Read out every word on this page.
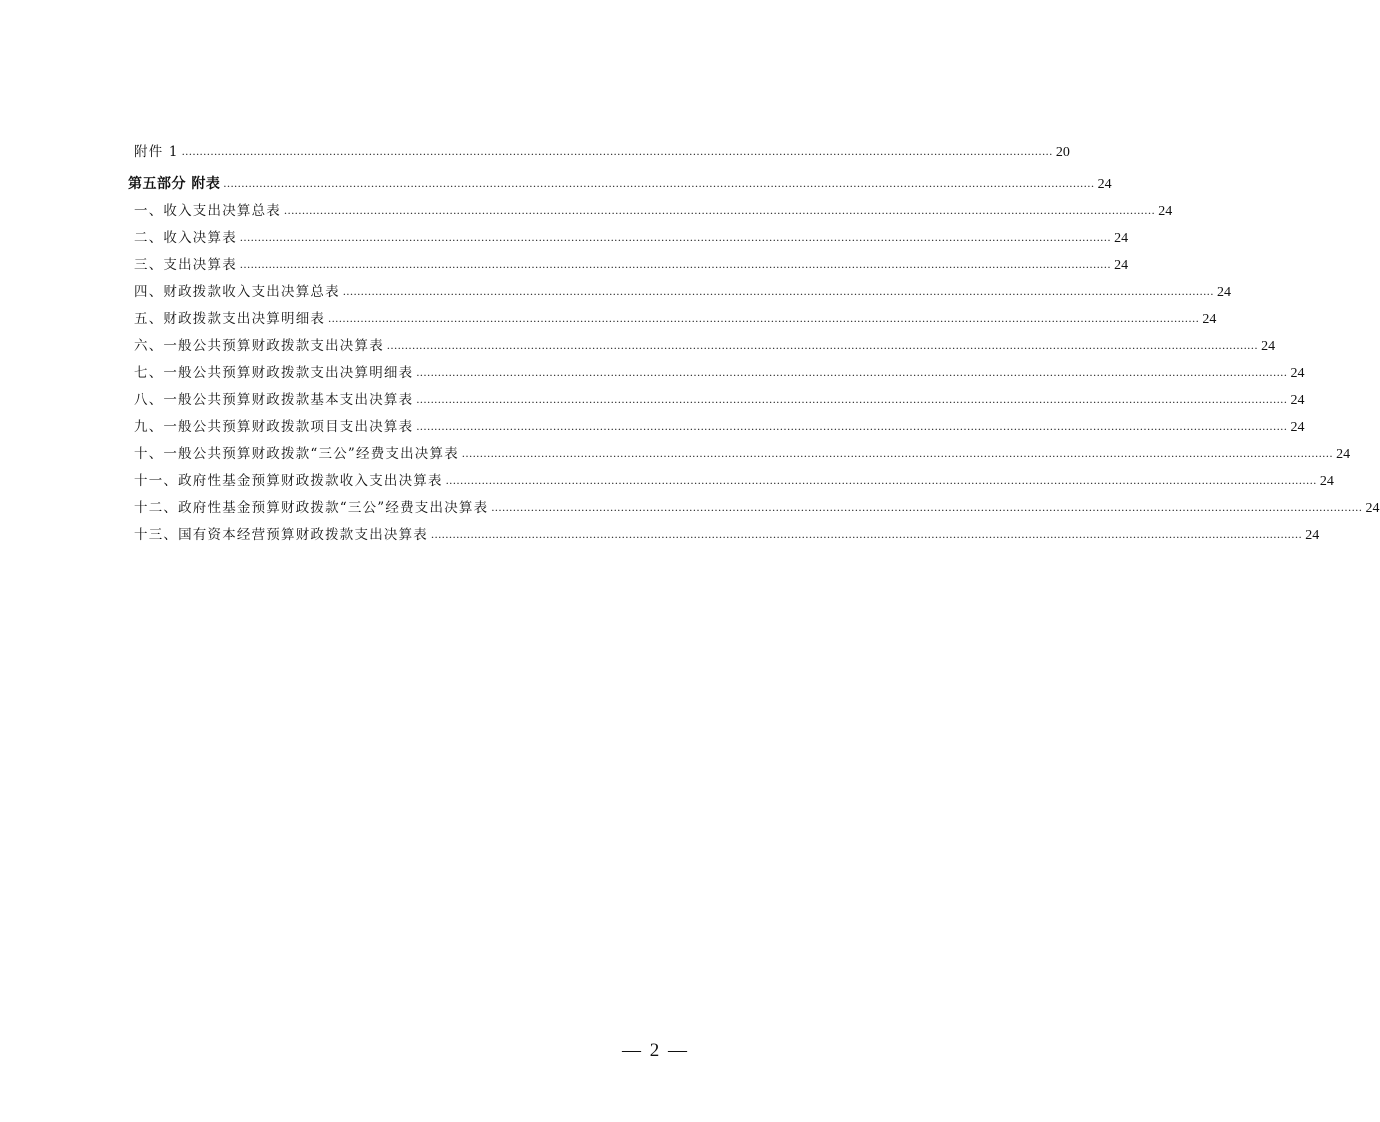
附件 1 .................................................................................................................................................................................................................................................. 20
第五部分 附表 .................................................................................................................................................................................................................................................. 24
一、收入支出决算总表 .................................................................................................................................................................................................................................................. 24
二、收入决算表 .................................................................................................................................................................................................................................................. 24
三、支出决算表 .................................................................................................................................................................................................................................................. 24
四、财政拨款收入支出决算总表 .................................................................................................................................................................................................................................................. 24
五、财政拨款支出决算明细表 .................................................................................................................................................................................................................................................. 24
六、一般公共预算财政拨款支出决算表 .................................................................................................................................................................................................................................................. 24
七、一般公共预算财政拨款支出决算明细表 .................................................................................................................................................................................................................................................. 24
八、一般公共预算财政拨款基本支出决算表 .................................................................................................................................................................................................................................................. 24
九、一般公共预算财政拨款项目支出决算表 .................................................................................................................................................................................................................................................. 24
十、一般公共预算财政拨款“三公”经费支出决算表 .................................................................................................................................................................................................................................................. 24
十一、政府性基金预算财政拨款收入支出决算表 .................................................................................................................................................................................................................................................. 24
十二、政府性基金预算财政拨款“三公”经费支出决算表 .................................................................................................................................................................................................................................................. 24
十三、国有资本经营预算财政拨款支出决算表 .................................................................................................................................................................................................................................................. 24
— 2 —
